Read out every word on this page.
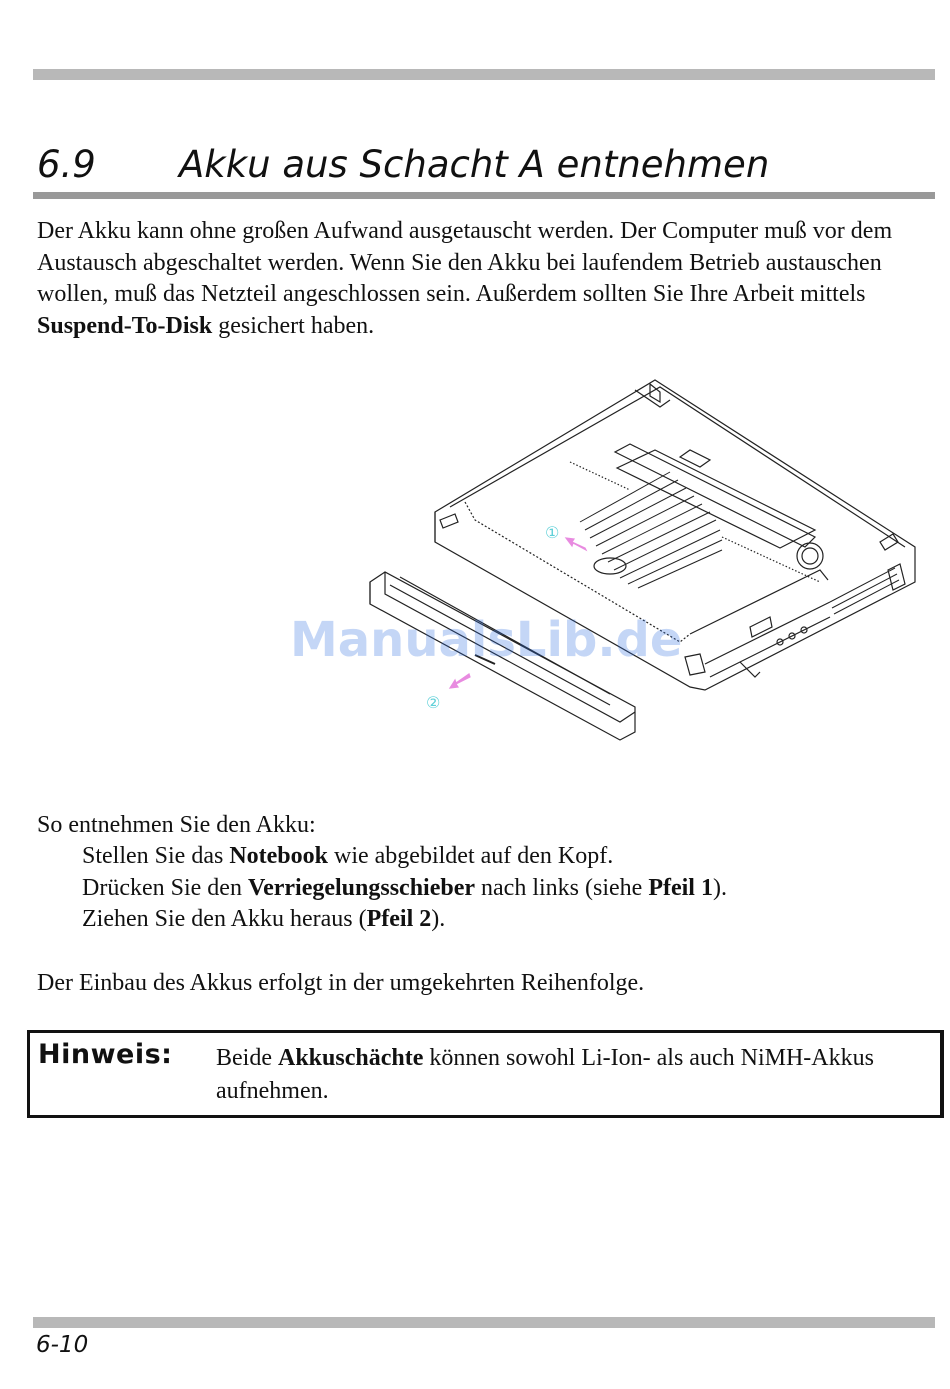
6.9 Akku aus Schacht A entnehmen

Der Akku kann ohne großen Aufwand ausgetauscht werden. Der Computer muß vor dem Austausch abgeschaltet werden. Wenn Sie den Akku bei laufendem Betrieb austauschen wollen, muß das Netzteil angeschlossen sein. Außerdem sollten Sie Ihre Arbeit mittels Suspend-To-Disk gesichert haben.

①
②

ManualsLib.de

So entnehmen Sie den Akku:

Stellen Sie das Notebook wie abgebildet auf den Kopf.

Drücken Sie den Verriegelungsschieber nach links (siehe Pfeil 1).

Ziehen Sie den Akku heraus (Pfeil 2).

Der Einbau des Akkus erfolgt in der umgekehrten Reihenfolge.

Hinweis: Beide Akkuschächte können sowohl Li-Ion- als auch NiMH-Akkus aufnehmen.

6-10
